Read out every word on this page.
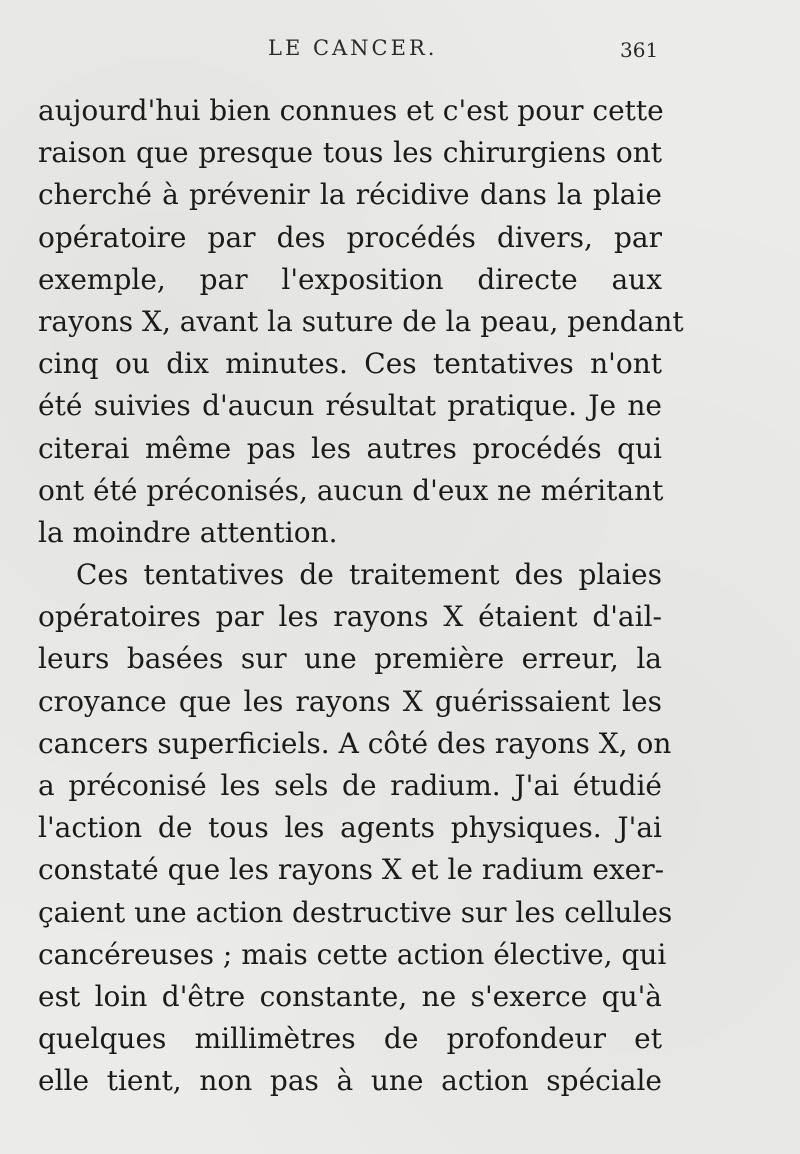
LE CANCER.	361
aujourd'hui bien connues et c'est pour cette
raison que presque tous les chirurgiens ont
cherché à prévenir la récidive dans la plaie
opératoire par des procédés divers, par
exemple, par l'exposition directe aux
rayons X, avant la suture de la peau, pendant
cinq ou dix minutes. Ces tentatives n'ont
été suivies d'aucun résultat pratique. Je ne
citerai même pas les autres procédés qui
ont été préconisés, aucun d'eux ne méritant
la moindre attention.
Ces tentatives de traitement des plaies
opératoires par les rayons X étaient d'ail-
leurs basées sur une première erreur, la
croyance que les rayons X guérissaient les
cancers superficiels. A côté des rayons X, on
a préconisé les sels de radium. J'ai étudié
l'action de tous les agents physiques. J'ai
constaté que les rayons X et le radium exer-
çaient une action destructive sur les cellules
cancéreuses ; mais cette action élective, qui
est loin d'être constante, ne s'exerce qu'à
quelques millimètres de profondeur et
elle tient, non pas à une action spéciale
